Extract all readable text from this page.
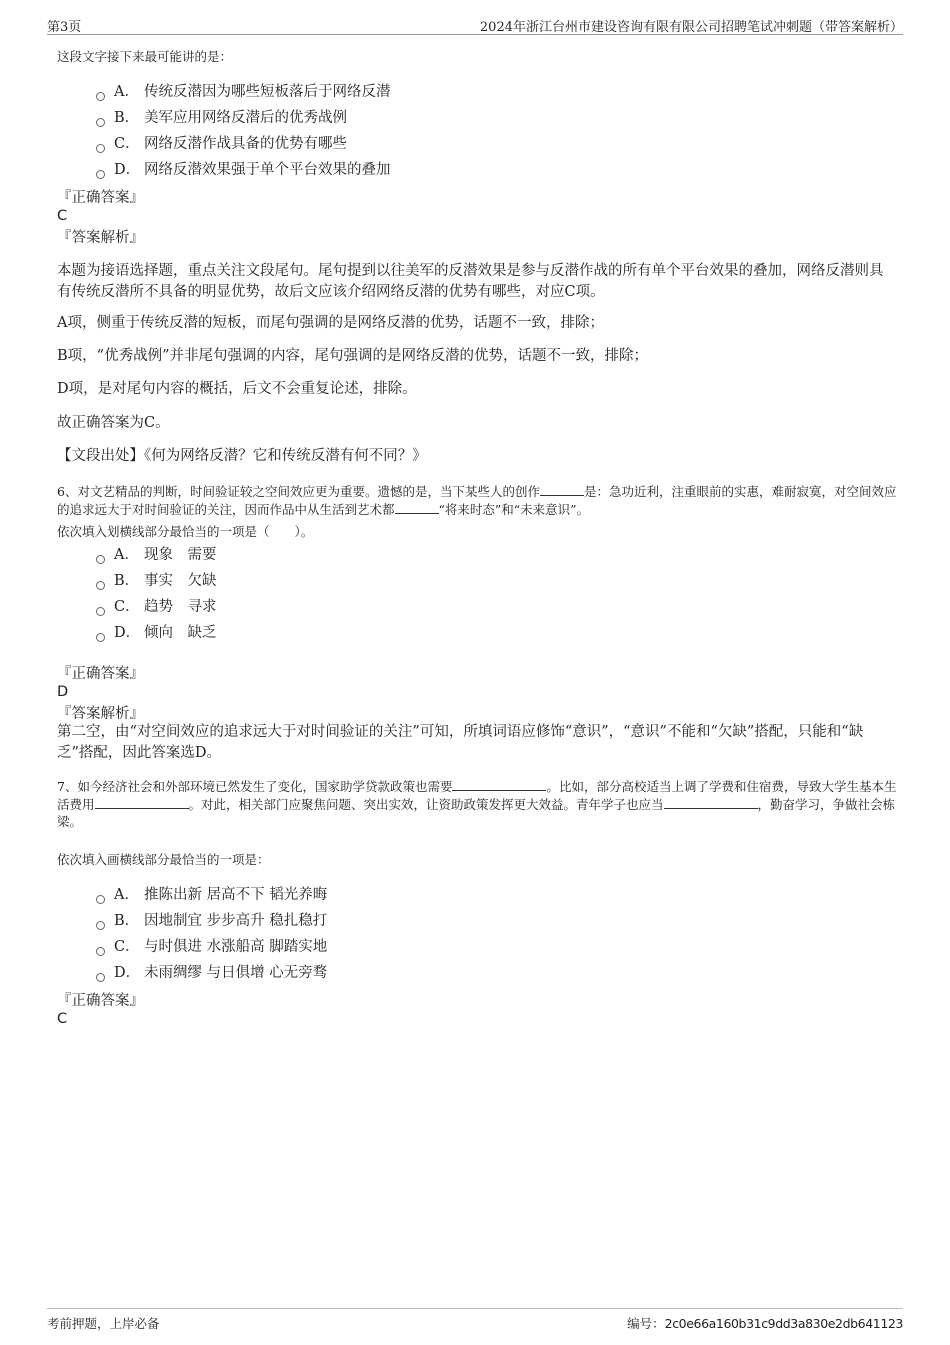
第3页	2024年浙江台州市建设咨询有限有限公司招聘笔试冲刺题（带答案解析）
这段文字接下来最可能讲的是：
A． 传统反潜因为哪些短板落后于网络反潜
B． 美军应用网络反潜后的优秀战例
C． 网络反潜作战具备的优势有哪些
D． 网络反潜效果强于单个平台效果的叠加
『正确答案』
C
『答案解析』
本题为接语选择题，重点关注文段尾句。尾句提到以往美军的反潜效果是参与反潜作战的所有单个平台效果的叠加，网络反潜则具有传统反潜所不具备的明显优势，故后文应该介绍网络反潜的优势有哪些，对应C项。
A项，侧重于传统反潜的短板，而尾句强调的是网络反潜的优势，话题不一致，排除；
B项，“优秀战例”并非尾句强调的内容，尾句强调的是网络反潜的优势，话题不一致，排除；
D项，是对尾句内容的概括，后文不会重复论述，排除。
故正确答案为C。
【文段出处】《何为网络反潜？它和传统反潜有何不同？》
6、对文艺精品的判断，时间验证较之空间效应更为重要。遗憾的是，当下某些人的创作	是：急功近利，注重眼前的实惠，难耐寂寞，对空间效应的追求远大于对时间验证的关注，因而作品中从生活到艺术都	“将来时态”和“未来意识”。
依次填入划横线部分最恰当的一项是（　　）。
A． 现象　需要
B． 事实　欠缺
C． 趋势　寻求
D． 倾向　缺乏
『正确答案』
D
『答案解析』
第二空，由“对空间效应的追求远大于对时间验证的关注”可知，所填词语应修饰“意识”，“意识”不能和“欠缺”搭配，只能和“缺乏”搭配，因此答案选D。
7、如今经济社会和外部环境已然发生了变化，国家助学贷款政策也需要	。比如，部分高校适当上调了学费和住宿费，导致大学生基本生活费用	。对此，相关部门应聚焦问题、突出实效，让资助政策发挥更大效益。青年学子也应当	，勤奋学习，争做社会栋梁。
依次填入画横线部分最恰当的一项是：
A． 推陈出新 居高不下 韬光养晦
B． 因地制宜 步步高升 稳扎稳打
C． 与时俱进 水涨船高 脚踏实地
D． 未雨绸缪 与日俱增 心无旁骛
『正确答案』
C
考前押题，上岸必备	编号：2c0e66a160b31c9dd3a830e2db641123
